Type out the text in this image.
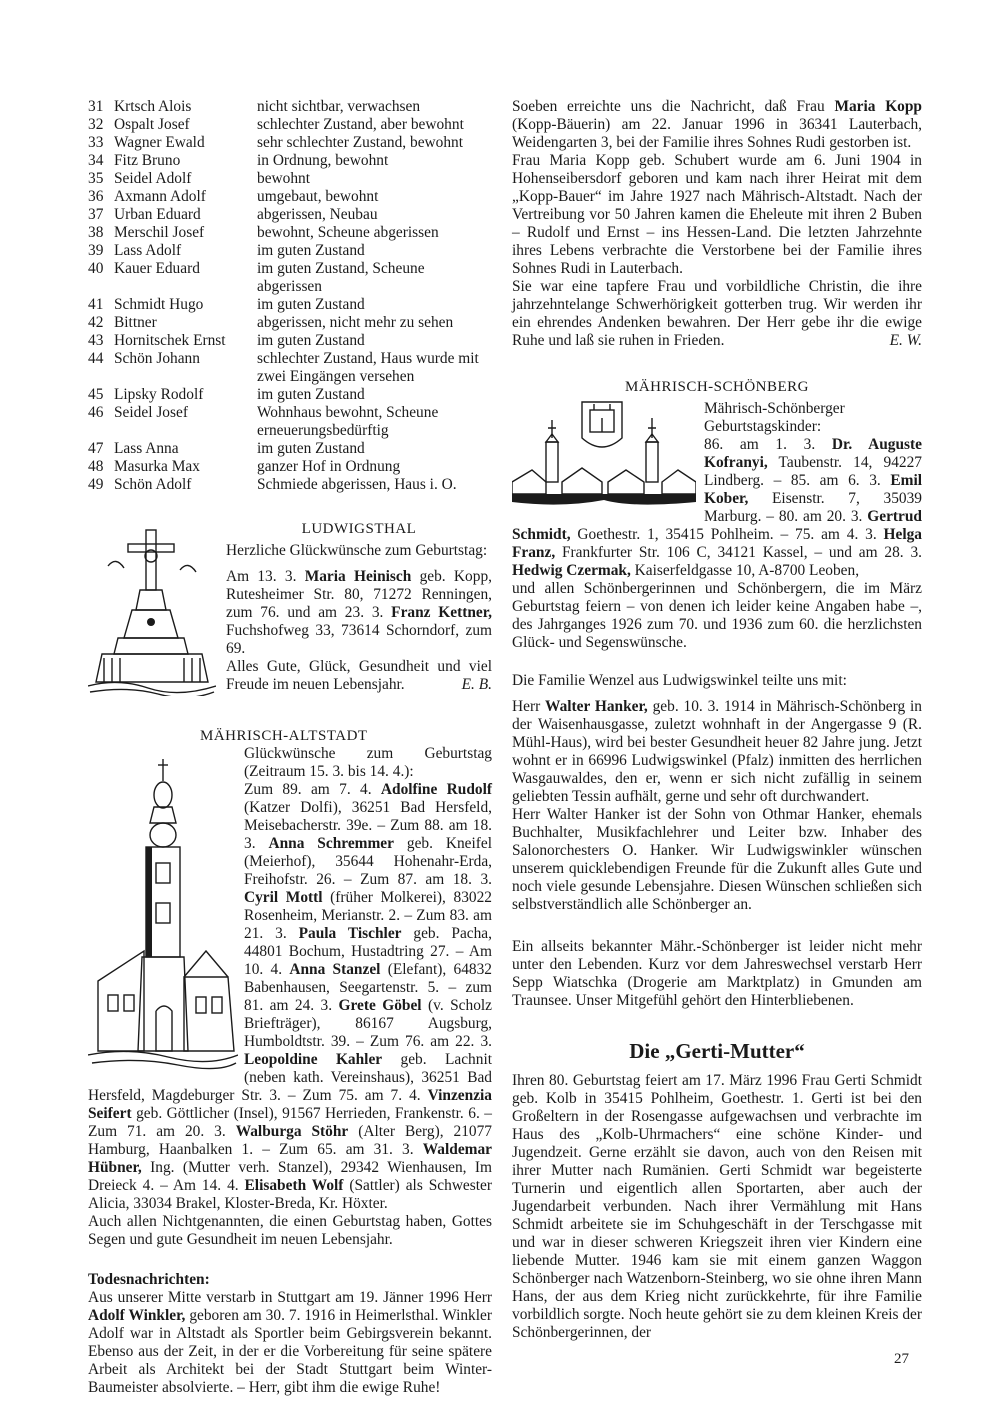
31 Krtsch Alois	nicht sichtbar, verwachsen
32 Ospalt Josef	schlechter Zustand, aber bewohnt
33 Wagner Ewald	sehr schlechter Zustand, bewohnt
34 Fitz Bruno	in Ordnung, bewohnt
35 Seidel Adolf	bewohnt
36 Axmann Adolf	umgebaut, bewohnt
37 Urban Eduard	abgerissen, Neubau
38 Merschil Josef	bewohnt, Scheune abgerissen
39 Lass Adolf	im guten Zustand
40 Kauer Eduard	im guten Zustand, Scheune abgerissen
41 Schmidt Hugo	im guten Zustand
42 Bittner	abgerissen, nicht mehr zu sehen
43 Hornitschek Ernst	im guten Zustand
44 Schön Johann	schlechter Zustand, Haus wurde mit zwei Eingängen versehen
45 Lipsky Rodolf	im guten Zustand
46 Seidel Josef	Wohnhaus bewohnt, Scheune erneuerungsbedürftig
47 Lass Anna	im guten Zustand
48 Masurka Max	ganzer Hof in Ordnung
49 Schön Adolf	Schmiede abgerissen, Haus i. O.
LUDWIGSTHAL

Herzliche Glückwünsche zum Geburtstag:

Am 13. 3. Maria Heinisch geb. Kopp, Rutesheimer Str. 80, 71272 Renningen, zum 76. und am 23. 3. Franz Kettner, Fuchshofweg 33, 73614 Schorndorf, zum 69.

Alles Gute, Glück, Gesundheit und viel Freude im neuen Lebensjahr.	E. B.

MÄHRISCH-ALTSTADT

Glückwünsche zum Geburtstag (Zeitraum 15. 3. bis 14. 4.):

Zum 89. am 7. 4. Adolfine Rudolf (Katzer Dolfi), 36251 Bad Hersfeld, Meisebacherstr. 39e. – Zum 88. am 18. 3. Anna Schremmer geb. Kneifel (Meierhof), 35644 Hohenahr-Erda, Freihofstr. 26. – Zum 87. am 18. 3. Cyril Mottl (früher Molkerei), 83022 Rosenheim, Merianstr. 2. – Zum 83. am 21. 3. Paula Tischler geb. Pacha, 44801 Bochum, Hustadtring 27. – Am 10. 4. Anna Stanzel (Elefant), 64832 Babenhausen, Seegartenstr. 5. – zum 81. am 24. 3. Grete Göbel (v. Scholz Briefträger), 86167 Augsburg, Humboldtstr. 39. – Zum 76. am 22. 3. Leopoldine Kahler geb. Lachnit (neben kath. Vereinshaus), 36251 Bad Hersfeld, Magdeburger Str. 3. – Zum 75. am 7. 4. Vinzenzia Seifert geb. Göttlicher (Insel), 91567 Herrieden, Frankenstr. 6. – Zum 71. am 20. 3. Walburga Stöhr (Alter Berg), 21077 Hamburg, Haanbalken 1. – Zum 65. am 31. 3. Waldemar Hübner, Ing. (Mutter verh. Stanzel), 29342 Wienhausen, Im Dreieck 4. – Am 14. 4. Elisabeth Wolf (Sattler) als Schwester Alicia, 33034 Brakel, Kloster-Breda, Kr. Höxter.

Auch allen Nichtgenannten, die einen Geburtstag haben, Gottes Segen und gute Gesundheit im neuen Lebensjahr.

Todesnachrichten:

Aus unserer Mitte verstarb in Stuttgart am 19. Jänner 1996 Herr Adolf Winkler, geboren am 30. 7. 1916 in Heimerlsthal. Winkler Adolf war in Altstadt als Sportler beim Gebirgsverein bekannt. Ebenso aus der Zeit, in der er die Vorbereitung für seine spätere Arbeit als Architekt bei der Stadt Stuttgart beim Winter-Baumeister absolvierte. – Herr, gibt ihm die ewige Ruhe!

Soeben erreichte uns die Nachricht, daß Frau Maria Kopp (Kopp-Bäuerin) am 22. Januar 1996 in 36341 Lauterbach, Weidengarten 3, bei der Familie ihres Sohnes Rudi gestorben ist.

Frau Maria Kopp geb. Schubert wurde am 6. Juni 1904 in Hohenseibersdorf geboren und kam nach ihrer Heirat mit dem „Kopp-Bauer“ im Jahre 1927 nach Mährisch-Altstadt. Nach der Vertreibung vor 50 Jahren kamen die Eheleute mit ihren 2 Buben – Rudolf und Ernst – ins Hessen-Land. Die letzten Jahrzehnte ihres Lebens verbrachte die Verstorbene bei der Familie ihres Sohnes Rudi in Lauterbach.

Sie war eine tapfere Frau und vorbildliche Christin, die ihre jahrzehntelange Schwerhörigkeit gotterben trug. Wir werden ihr ein ehrendes Andenken bewahren. Der Herr gebe ihr die ewige Ruhe und laß sie ruhen in Frieden.	E. W.

MÄHRISCH-SCHÖNBERG

Mährisch-Schönberger Geburtstagskinder:

86. am 1. 3. Dr. Auguste Kofranyi, Taubenstr. 14, 94227 Lindberg. – 85. am 6. 3. Emil Kober, Eisenstr. 7, 35039 Marburg. – 80. am 20. 3. Gertrud Schmidt, Goethestr. 1, 35415 Pohlheim. – 75. am 4. 3. Helga Franz, Frankfurter Str. 106 C, 34121 Kassel, – und am 28. 3. Hedwig Czermak, Kaiserfeldgasse 10, A-8700 Leoben,

und allen Schönbergerinnen und Schönbergern, die im März Geburtstag feiern – von denen ich leider keine Angaben habe –, des Jahrganges 1926 zum 70. und 1936 zum 60. die herzlichsten Glück- und Segenswünsche.

Die Familie Wenzel aus Ludwigswinkel teilte uns mit:

Herr Walter Hanker, geb. 10. 3. 1914 in Mährisch-Schönberg in der Waisenhausgasse, zuletzt wohnhaft in der Angergasse 9 (R. Mühl-Haus), wird bei bester Gesundheit heuer 82 Jahre jung. Jetzt wohnt er in 66996 Ludwigswinkel (Pfalz) inmitten des herrlichen Wasgauwaldes, den er, wenn er sich nicht zufällig in seinem geliebten Tessin aufhält, gerne und sehr oft durchwandert.

Herr Walter Hanker ist der Sohn von Othmar Hanker, ehemals Buchhalter, Musikfachlehrer und Leiter bzw. Inhaber des Salonorchesters O. Hanker. Wir Ludwigswinkler wünschen unserem quicklebendigen Freunde für die Zukunft alles Gute und noch viele gesunde Lebensjahre. Diesen Wünschen schließen sich selbstverständlich alle Schönberger an.

Ein allseits bekannter Mähr.-Schönberger ist leider nicht mehr unter den Lebenden. Kurz vor dem Jahreswechsel verstarb Herr Sepp Wiatschka (Drogerie am Marktplatz) in Gmunden am Traunsee. Unser Mitgefühl gehört den Hinterbliebenen.

Die „Gerti-Mutter“

Ihren 80. Geburtstag feiert am 17. März 1996 Frau Gerti Schmidt geb. Kolb in 35415 Pohlheim, Goethestr. 1. Gerti ist bei den Großeltern in der Rosengasse aufgewachsen und verbrachte im Haus des „Kolb-Uhrmachers“ eine schöne Kinder- und Jugendzeit. Gerne erzählt sie davon, auch von den Reisen mit ihrer Mutter nach Rumänien. Gerti Schmidt war begeisterte Turnerin und eigentlich allen Sportarten, aber auch der Jugendarbeit verbunden. Nach ihrer Vermählung mit Hans Schmidt arbeitete sie im Schuhgeschäft in der Terschgasse mit und war in dieser schweren Kriegszeit ihren vier Kindern eine liebende Mutter. 1946 kam sie mit einem ganzen Waggon Schönberger nach Watzenborn-Steinberg, wo sie ohne ihren Mann Hans, der aus dem Krieg nicht zurückkehrte, für ihre Familie vorbildlich sorgte. Noch heute gehört sie zu dem kleinen Kreis der Schönbergerinnen, der

27
